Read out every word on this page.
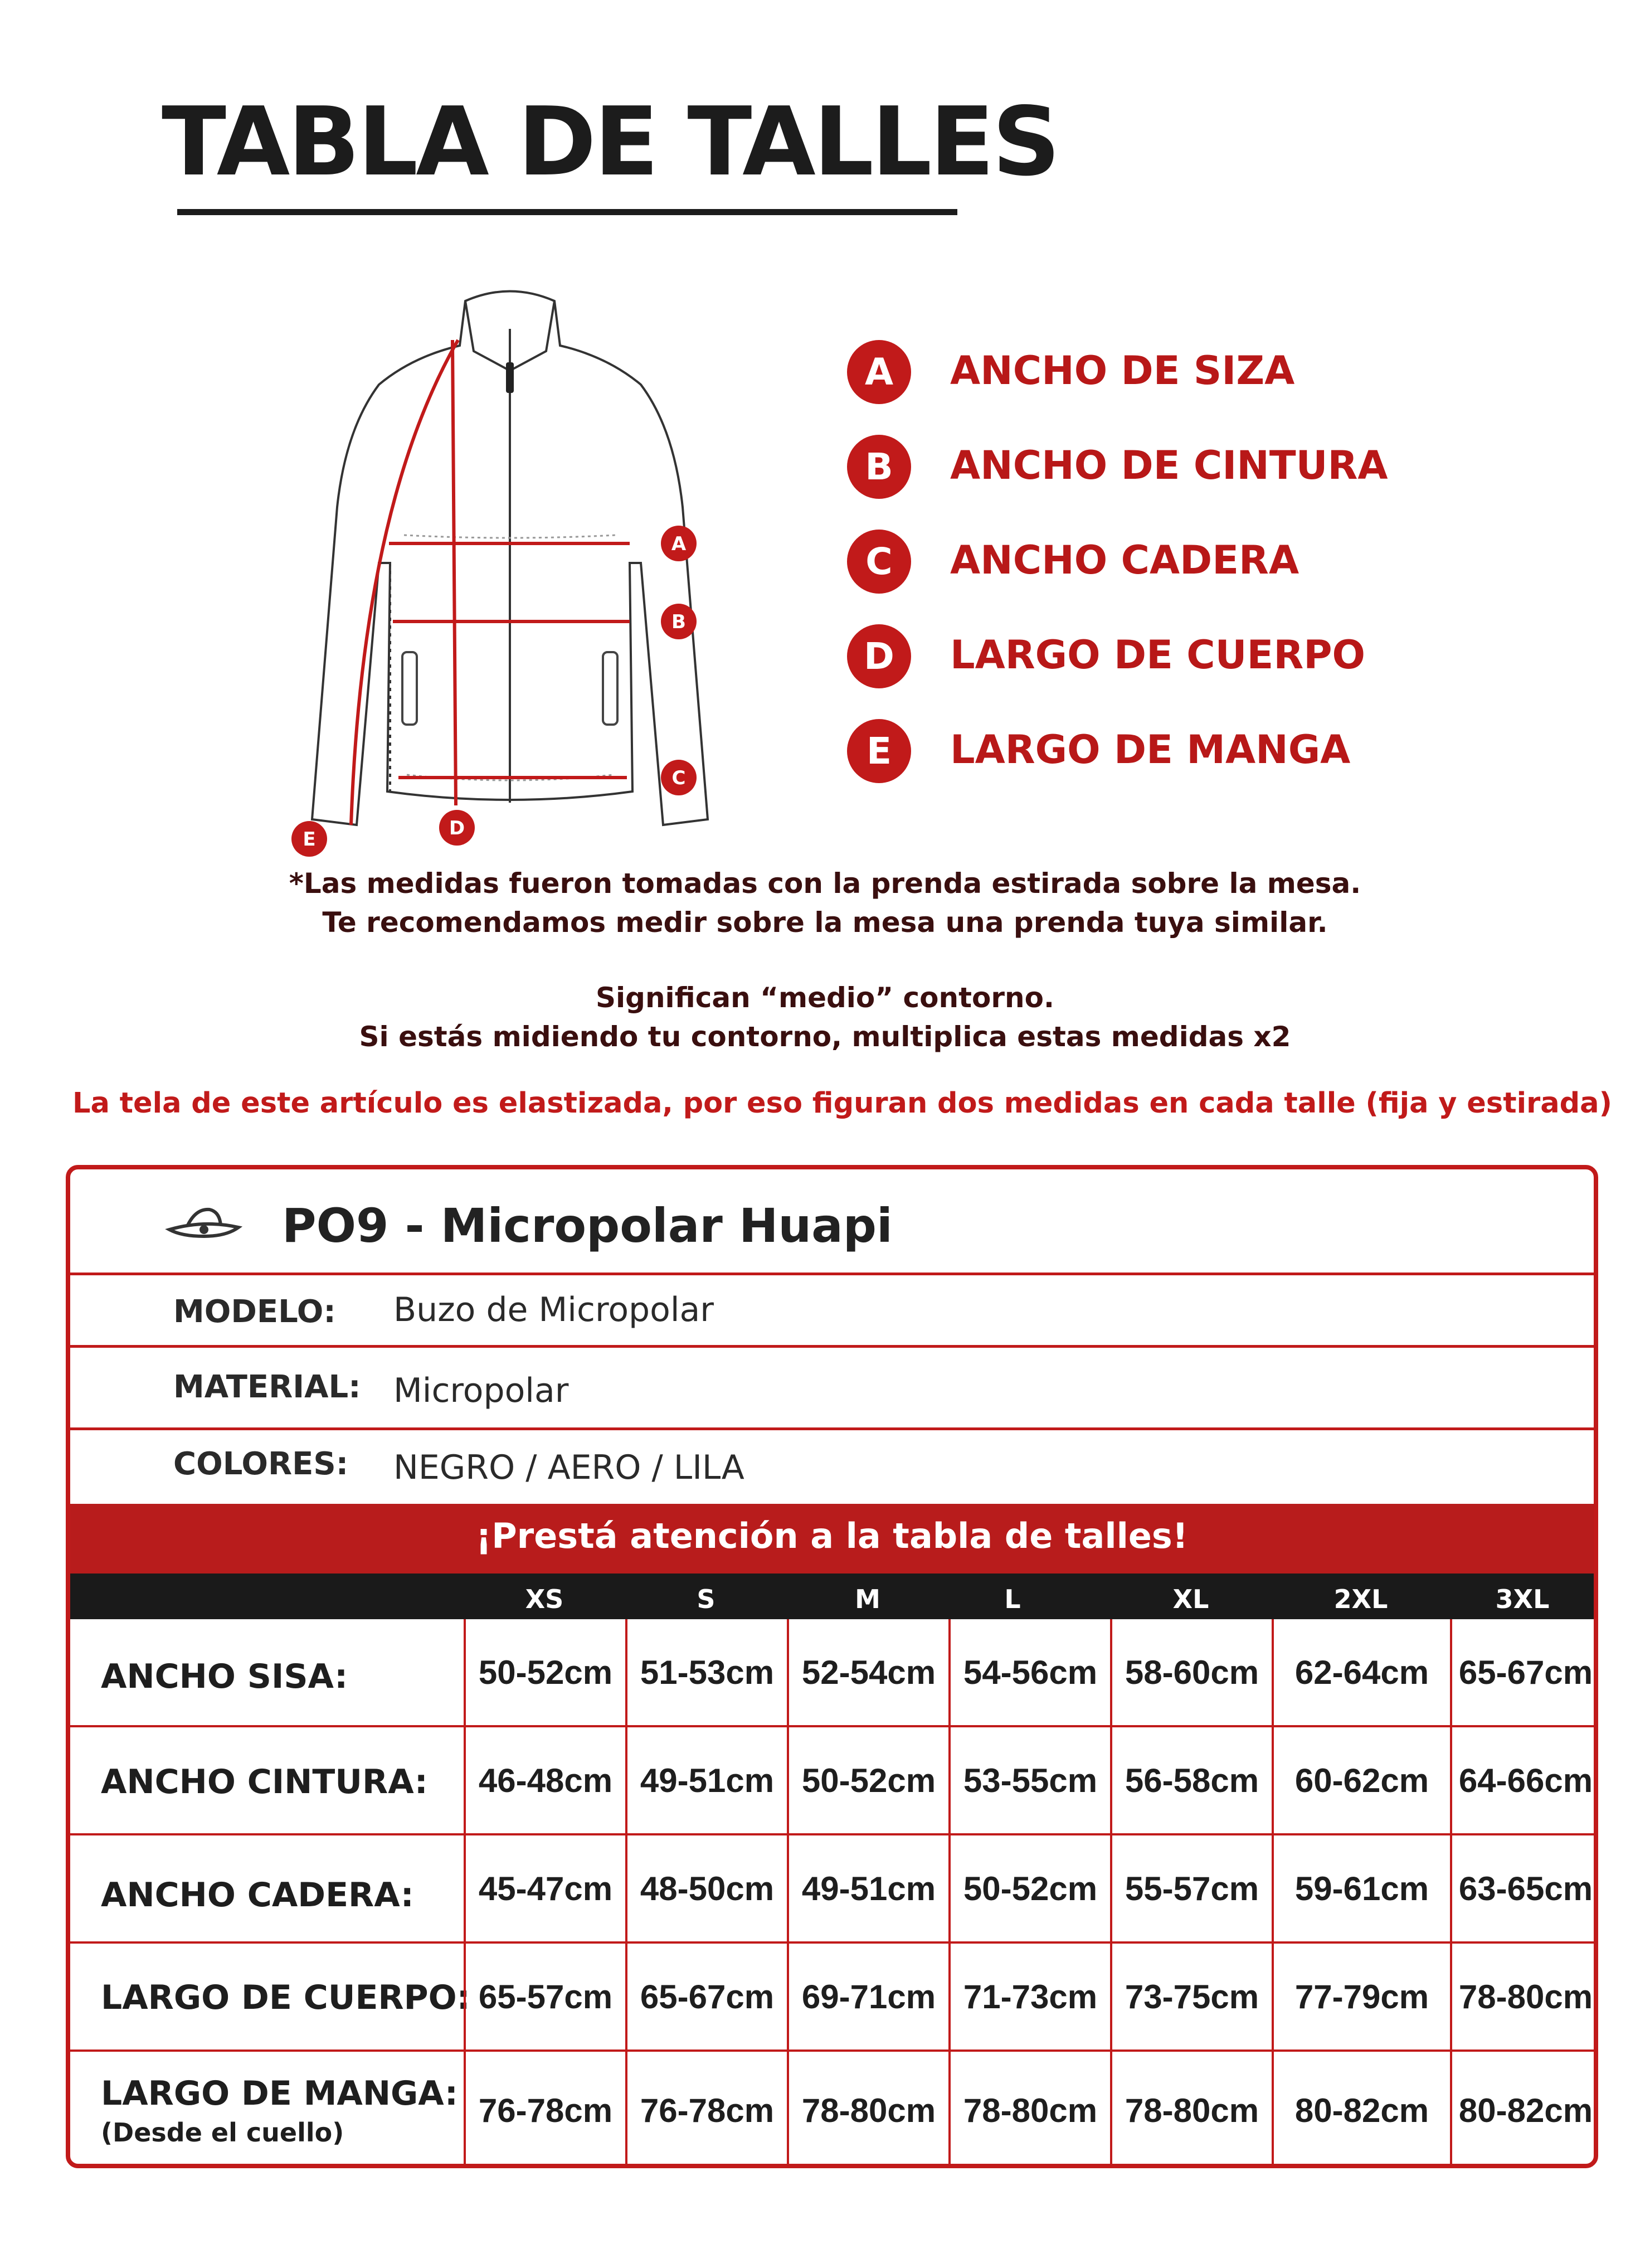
TABLA DE TALLES
A
B
C
D
E
A	ANCHO DE SIZA
B	ANCHO DE CINTURA
C	ANCHO CADERA
D	LARGO DE CUERPO
E	LARGO DE MANGA
*Las medidas fueron tomadas con la prenda estirada sobre la mesa.
Te recomendamos medir sobre la mesa una prenda tuya similar.
Significan “medio” contorno.
Si estás midiendo tu contorno, multiplica estas medidas x2
La tela de este artículo es elastizada, por eso figuran dos medidas en cada talle (fija y estirada)
PO9 - Micropolar Huapi
MODELO: Buzo de Micropolar
MATERIAL: Micropolar
COLORES: NEGRO / AERO / LILA
¡Prestá atención a la tabla de talles!
XS	S	M	L	XL	2XL	3XL
ANCHO SISA:	50-52cm 51-53cm 52-54cm 54-56cm 58-60cm	62-64cm 65-67cm
ANCHO CINTURA:	46-48cm 49-51cm 50-52cm 53-55cm 56-58cm	60-62cm 64-66cm
ANCHO CADERA:	45-47cm 48-50cm 49-51cm 50-52cm 55-57cm	59-61cm 63-65cm
LARGO DE CUERPO: 65-57cm 65-67cm 69-71cm 71-73cm 73-75cm	77-79cm 78-80cm
LARGO DE MANGA:
(Desde el cuello)
76-78cm 76-78cm 78-80cm 78-80cm 78-80cm	80-82cm 80-82cm
